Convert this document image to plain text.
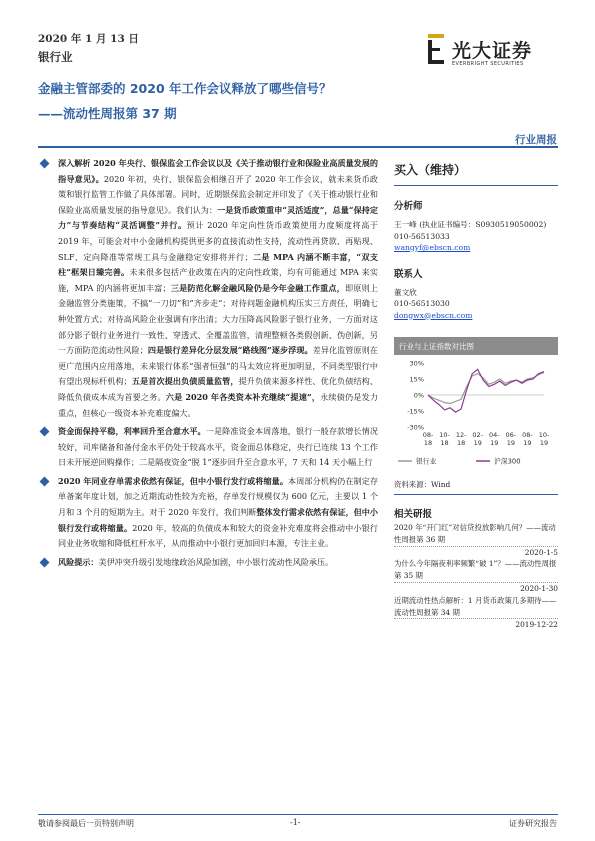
2020 年 1 月 13 日
银行业
金融主管部委的 2020 年工作会议释放了哪些信号？
——流动性周报第 37 期
光大证券
EVERBRIGHT SECURITIES
行业周报
深入解析 2020 年央行、银保监会工作会议以及《关于推动银行业和保险业高质量发展的指导意见》。2020 年初，央行、银保监会相继召开了 2020 年工作会议，就未来货币政策和银行监管工作做了具体部署。同时，近期银保监会制定并印发了《关于推动银行业和保险业高质量发展的指导意见》。我们认为：一是货币政策重申“灵活适度”，总量“保持定力”与节奏结构“灵活调整”并行。预计 2020 年定向性货币政策使用力度频度将高于 2019 年，可能会对中小金融机构提供更多的直接流动性支持，流动性再贷款、再贴现、SLF、定向降准等常规工具与金融稳定安排将并行；二是 MPA 内涵不断丰富，“双支柱”框架日臻完善。未来很多包括产业政策在内的定向性政策，均有可能通过 MPA 来实施，MPA 的内涵将更加丰富；三是防范化解金融风险仍是今年金融工作重点，即原则上金融监管分类施策，不搞“一刀切”和“齐步走”；对待问题金融机构压实三方责任，明确七种处置方式；对待高风险企业强调有序出清；大力压降高风险影子银行业务，一方面对这部分影子银行业务进行一致性、穿透式、全覆盖监管，清理整顿各类假创新、伪创新，另一方面防范流动性风险；四是银行差异化分层发展“路线图”逐步浮现。差异化监管原则在更广范围内应用落地，未来银行体系“强者恒强”的马太效应将更加明显，不同类型银行中有望出现标杆机构；五是首次提出负债质量监管，提升负债来源多样性、优化负债结构、降低负债成本成为首要之务。六是 2020 年各类资本补充继续“提速”，永续债仍是发力重点，但核心一级资本补充难度偏大。
资金面保持平稳，利率回升至合意水平。一是降准资金本周落地，银行一般存款增长情况较好，司库储备和备付金水平仍处于较高水平，资金面总体稳定，央行已连续 13 个工作日未开展逆回购操作；二是隔夜资金“脱 1”逐步回升至合意水平，7 天和 14 天小幅上行
2020 年同业存单需求依然有保证，但中小银行发行或将缩量。本周部分机构仍在制定存单备案年度计划，加之近期流动性较为充裕，存单发行规模仅为 600 亿元，主要以 1 个月和 3 个月的短期为主。对于 2020 年发行，我们判断整体发行需求依然有保证，但中小银行发行或将缩量。2020 年，较高的负债成本和较大的资金补充难度将会推动中小银行同业业务收缩和降低杠杆水平，从而推动中小银行更加回归本源，专注主业。
风险提示：美伊冲突升级引发地缘政治风险加剧，中小银行流动性风险承压。
买入（维持）
分析师
王一峰 (执业证书编号：S0930519050002)
010-56513033
wangyf@ebscn.com
联系人
董文欣
010-56513030
dongwx@ebscn.com
行业与上证指数对比图
30%
15%
0%
-15%
-30%
08-
18
10-
18
12-
18
02-
19
04-
19
06-
19
08-
19
10-
19
银行业	沪深300
资料来源：Wind
相关研报
2020 年“开门红”对信贷投放影响几何？——流动性周报第 36 期
2020-1-5
为什么今年隔夜利率频繁“破 1”？——流动性周报第 35 期
2020-1-30
近期流动性热点解析：1 月货币政策几多期待——流动性周报第 34 期
2019-12-22
敬请参阅最后一页特别声明	-1-	证券研究报告
